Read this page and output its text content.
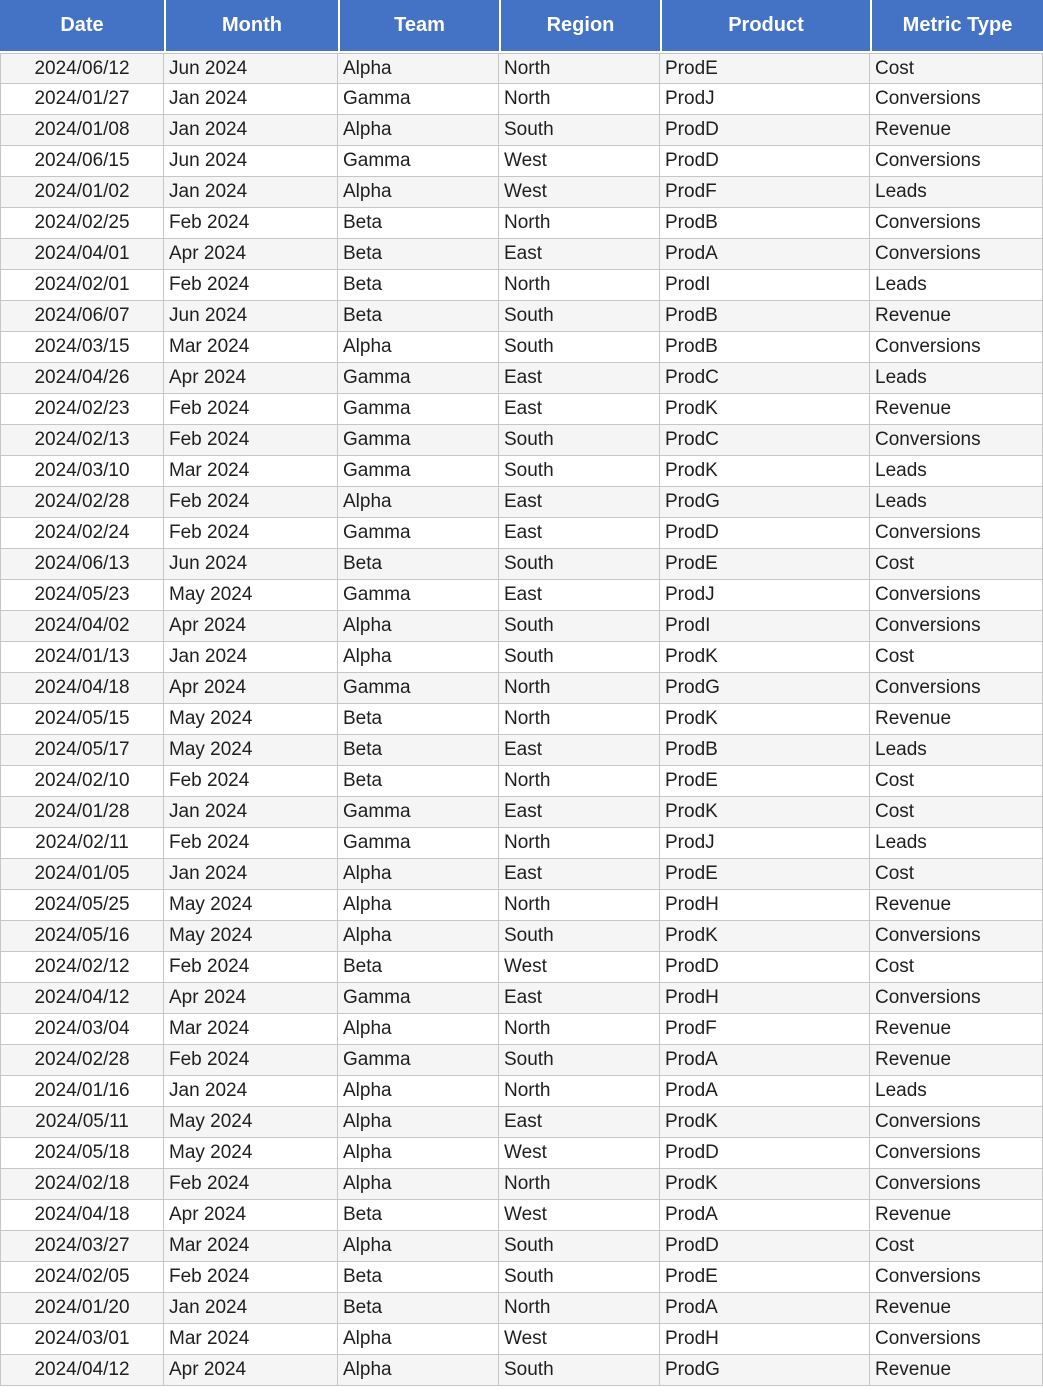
Date	Month	Team	Region	Product	Metric Type
2024/06/12	Jun 2024	Alpha	North	ProdE	Cost
2024/01/27	Jan 2024	Gamma	North	ProdJ	Conversions
2024/01/08	Jan 2024	Alpha	South	ProdD	Revenue
2024/06/15	Jun 2024	Gamma	West	ProdD	Conversions
2024/01/02	Jan 2024	Alpha	West	ProdF	Leads
2024/02/25	Feb 2024	Beta	North	ProdB	Conversions
2024/04/01	Apr 2024	Beta	East	ProdA	Conversions
2024/02/01	Feb 2024	Beta	North	ProdI	Leads
2024/06/07	Jun 2024	Beta	South	ProdB	Revenue
2024/03/15	Mar 2024	Alpha	South	ProdB	Conversions
2024/04/26	Apr 2024	Gamma	East	ProdC	Leads
2024/02/23	Feb 2024	Gamma	East	ProdK	Revenue
2024/02/13	Feb 2024	Gamma	South	ProdC	Conversions
2024/03/10	Mar 2024	Gamma	South	ProdK	Leads
2024/02/28	Feb 2024	Alpha	East	ProdG	Leads
2024/02/24	Feb 2024	Gamma	East	ProdD	Conversions
2024/06/13	Jun 2024	Beta	South	ProdE	Cost
2024/05/23	May 2024	Gamma	East	ProdJ	Conversions
2024/04/02	Apr 2024	Alpha	South	ProdI	Conversions
2024/01/13	Jan 2024	Alpha	South	ProdK	Cost
2024/04/18	Apr 2024	Gamma	North	ProdG	Conversions
2024/05/15	May 2024	Beta	North	ProdK	Revenue
2024/05/17	May 2024	Beta	East	ProdB	Leads
2024/02/10	Feb 2024	Beta	North	ProdE	Cost
2024/01/28	Jan 2024	Gamma	East	ProdK	Cost
2024/02/11	Feb 2024	Gamma	North	ProdJ	Leads
2024/01/05	Jan 2024	Alpha	East	ProdE	Cost
2024/05/25	May 2024	Alpha	North	ProdH	Revenue
2024/05/16	May 2024	Alpha	South	ProdK	Conversions
2024/02/12	Feb 2024	Beta	West	ProdD	Cost
2024/04/12	Apr 2024	Gamma	East	ProdH	Conversions
2024/03/04	Mar 2024	Alpha	North	ProdF	Revenue
2024/02/28	Feb 2024	Gamma	South	ProdA	Revenue
2024/01/16	Jan 2024	Alpha	North	ProdA	Leads
2024/05/11	May 2024	Alpha	East	ProdK	Conversions
2024/05/18	May 2024	Alpha	West	ProdD	Conversions
2024/02/18	Feb 2024	Alpha	North	ProdK	Conversions
2024/04/18	Apr 2024	Beta	West	ProdA	Revenue
2024/03/27	Mar 2024	Alpha	South	ProdD	Cost
2024/02/05	Feb 2024	Beta	South	ProdE	Conversions
2024/01/20	Jan 2024	Beta	North	ProdA	Revenue
2024/03/01	Mar 2024	Alpha	West	ProdH	Conversions
2024/04/12	Apr 2024	Alpha	South	ProdG	Revenue
